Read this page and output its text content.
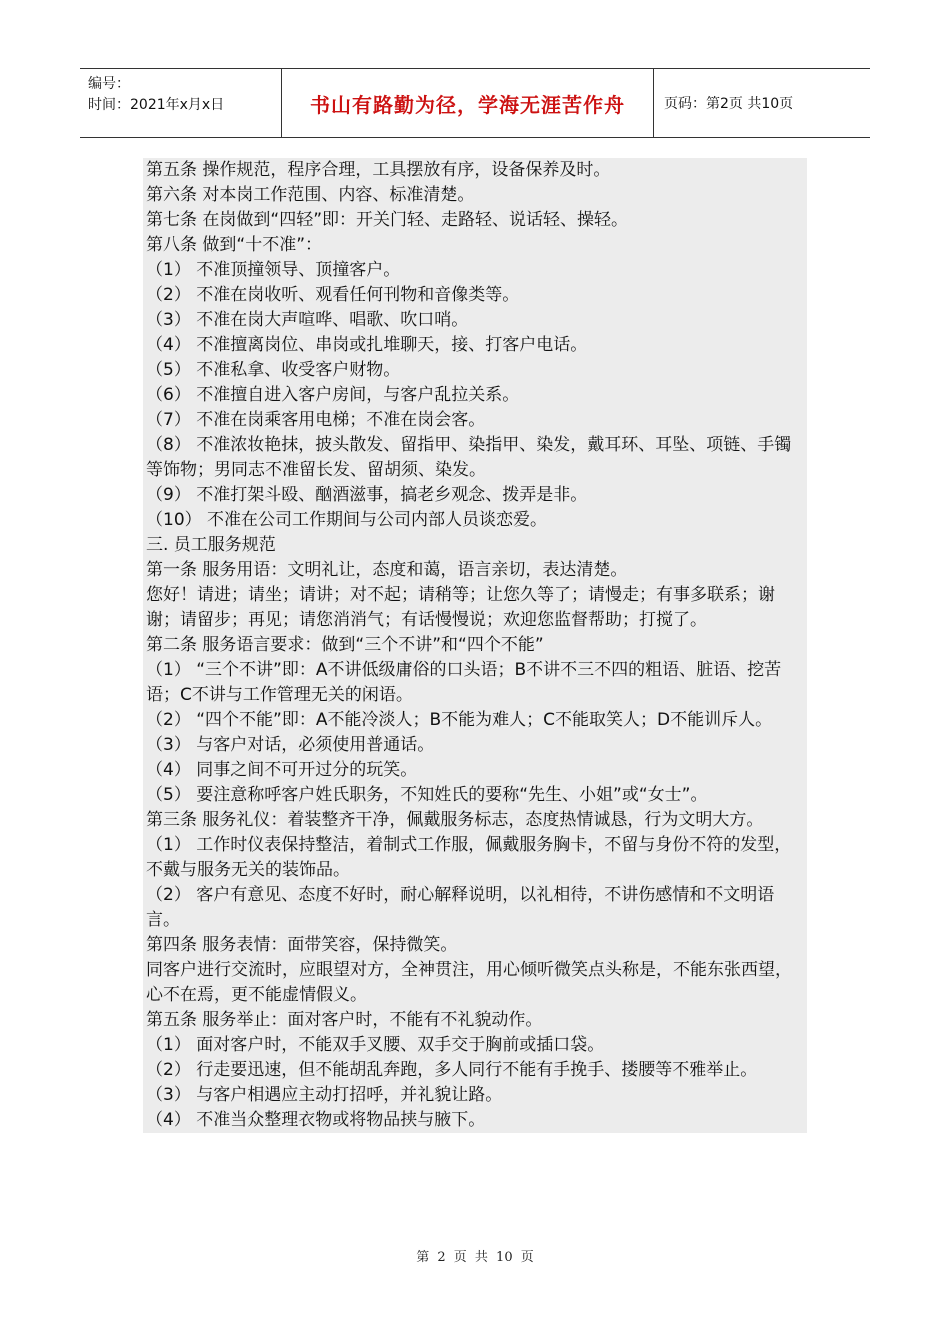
编号：
时间：2021年x月x日	书山有路勤为径，学海无涯苦作舟	页码：第2页 共10页

第五条 操作规范，程序合理，工具摆放有序，设备保养及时。

第六条 对本岗工作范围、内容、标准清楚。

第七条 在岗做到“四轻”即：开关门轻、走路轻、说话轻、操轻。

第八条 做到“十不准”：

（1） 不准顶撞领导、顶撞客户。

（2） 不准在岗收听、观看任何刊物和音像类等。

（3） 不准在岗大声喧哗、唱歌、吹口哨。

（4） 不准擅离岗位、串岗或扎堆聊天，接、打客户电话。

（5） 不准私拿、收受客户财物。

（6） 不准擅自进入客户房间，与客户乱拉关系。

（7） 不准在岗乘客用电梯；不准在岗会客。

（8） 不准浓妆艳抹，披头散发、留指甲、染指甲、染发，戴耳环、耳坠、项链、手镯等饰物；男同志不准留长发、留胡须、染发。

（9） 不准打架斗殴、酗酒滋事，搞老乡观念、拨弄是非。

（10） 不准在公司工作期间与公司内部人员谈恋爱。

三. 员工服务规范

第一条 服务用语：文明礼让，态度和蔼，语言亲切，表达清楚。

您好！请进；请坐；请讲；对不起；请稍等；让您久等了；请慢走；有事多联系；谢谢；请留步；再见；请您消消气；有话慢慢说；欢迎您监督帮助；打搅了。

第二条 服务语言要求：做到“三个不讲”和“四个不能”

（1） “三个不讲”即：A不讲低级庸俗的口头语；B不讲不三不四的粗语、脏语、挖苦语；C不讲与工作管理无关的闲语。

（2） “四个不能”即：A不能冷淡人；B不能为难人；C不能取笑人；D不能训斥人。

（3） 与客户对话，必须使用普通话。

（4） 同事之间不可开过分的玩笑。

（5） 要注意称呼客户姓氏职务，不知姓氏的要称“先生、小姐”或“女士”。

第三条 服务礼仪：着装整齐干净，佩戴服务标志，态度热情诚恳，行为文明大方。

（1） 工作时仪表保持整洁，着制式工作服，佩戴服务胸卡，不留与身份不符的发型，不戴与服务无关的装饰品。

（2） 客户有意见、态度不好时，耐心解释说明，以礼相待，不讲伤感情和不文明语言。

第四条 服务表情：面带笑容，保持微笑。

同客户进行交流时，应眼望对方，全神贯注，用心倾听微笑点头称是，不能东张西望，心不在焉，更不能虚情假义。

第五条 服务举止：面对客户时，不能有不礼貌动作。

（1） 面对客户时，不能双手叉腰、双手交于胸前或插口袋。

（2） 行走要迅速，但不能胡乱奔跑，多人同行不能有手挽手、搂腰等不雅举止。

（3） 与客户相遇应主动打招呼，并礼貌让路。

（4） 不准当众整理衣物或将物品挟与腋下。

第 2 页 共 10 页
